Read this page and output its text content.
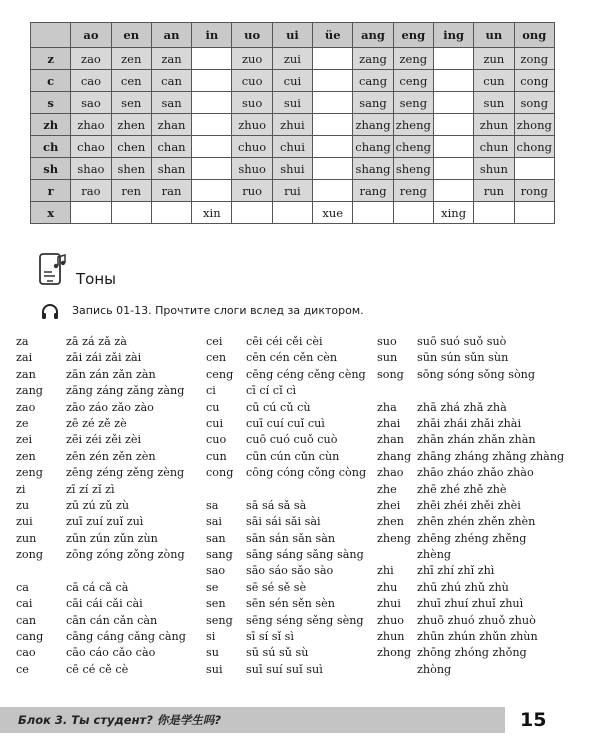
	ao	en	an	in	uo	ui	üe	ang	eng	ing	un	ong
z	zao	zen	zan		zuo	zui		zang	zeng		zun	zong
c	cao	cen	can		cuo	cui		cang	ceng		cun	cong
s	sao	sen	san		suo	sui		sang	seng		sun	song
zh	zhao	zhen	zhan		zhuo	zhui		zhang	zheng		zhun	zhong
ch	chao	chen	chan		chuo	chui		chang	cheng		chun	chong
sh	shao	shen	shan		shuo	shui		shang	sheng		shun	
r	rao	ren	ran		ruo	rui		rang	reng		run	rong
x				xin			xue			xing		
Тоны
Запись 01-13. Прочтите слоги вслед за диктором.
za	zā zá zǎ zà
zai	zāi zái zǎi zài
zan	zān zán zǎn zàn
zang	zāng záng zǎng zàng
zao	zāo záo zǎo zào
ze	zē zé zě zè
zei	zēi zéi zěi zèi
zen	zēn zén zěn zèn
zeng	zēng zéng zěng zèng
zi	zī zí zǐ zì
zu	zū zú zǔ zù
zui	zuī zuí zuǐ zuì
zun	zūn zún zǔn zùn
zong	zōng zóng zǒng zòng
ca	cā cá cǎ cà
cai	cāi cái cǎi cài
can	cān cán cǎn càn
cang	cāng cáng cǎng càng
cao	cāo cáo cǎo cào
ce	cē cé cě cè
cei	cēi céi cěi cèi
cen	cēn cén cěn cèn
ceng	cēng céng cěng cèng
ci	cī cí cǐ cì
cu	cū cú cǔ cù
cui	cuī cuí cuǐ cuì
cuo	cuō cuó cuǒ cuò
cun	cūn cún cǔn cùn
cong	cōng cóng cǒng còng
sa	sā sá sǎ sà
sai	sāi sái sǎi sài
san	sān sán sǎn sàn
sang	sāng sáng sǎng sàng
sao	sāo sáo sǎo sào
se	sē sé sě sè
sen	sēn sén sěn sèn
seng	sēng séng sěng sèng
si	sī sí sǐ sì
su	sū sú sǔ sù
sui	suī suí suǐ suì
suo	suō suó suǒ suò
sun	sūn sún sǔn sùn
song	sōng sóng sǒng sòng
zha	zhā zhá zhǎ zhà
zhai	zhāi zhái zhǎi zhài
zhan	zhān zhán zhǎn zhàn
zhang zhāng zháng zhǎng zhàng
zhao	zhāo zháo zhǎo zhào
zhe	zhē zhé zhě zhè
zhei	zhēi zhéi zhěi zhèi
zhen	zhēn zhén zhěn zhèn
zheng zhēng zhéng zhěng
zhèng
zhi	zhī zhí zhǐ zhì
zhu	zhū zhú zhǔ zhù
zhui	zhuī zhuí zhuǐ zhuì
zhuo	zhuō zhuó zhuǒ zhuò
zhun	zhūn zhún zhǔn zhùn
zhong zhōng zhóng zhǒng
zhòng
Блок 3. Ты студент? 你是学生吗?	15
